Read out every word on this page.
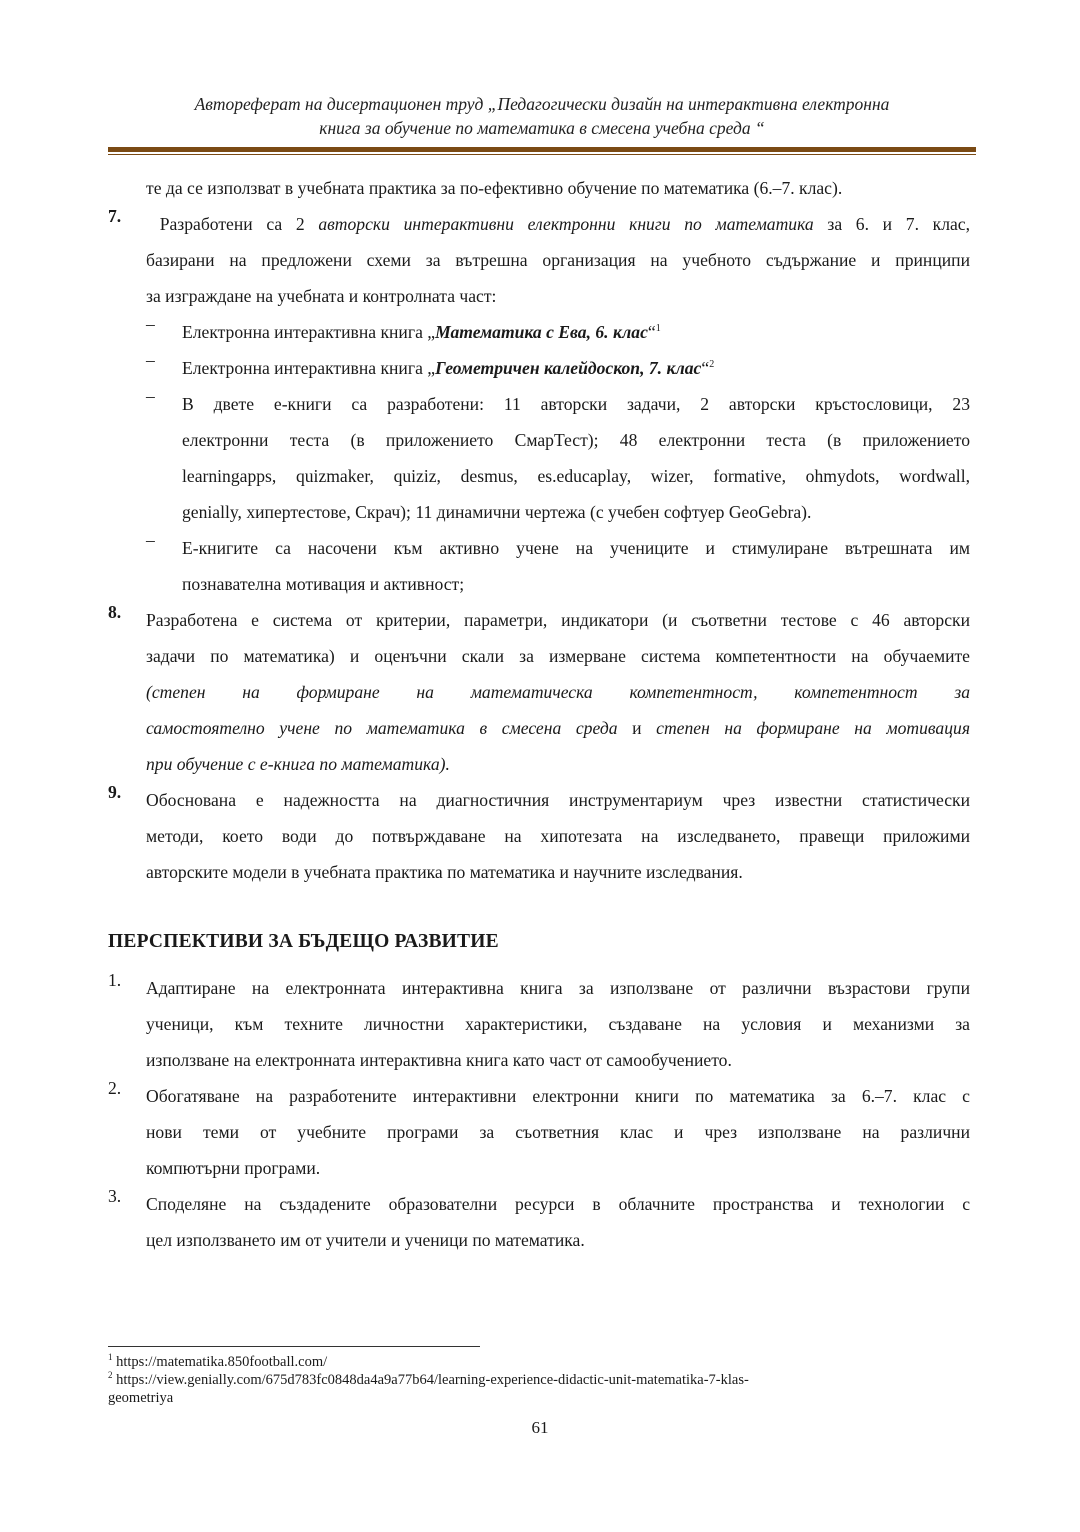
Автореферат на дисертационен труд „Педагогически дизайн на интерактивна електронна
книга за обучение по математика в смесена учебна среда “
те да се използват в учебната практика за по-ефективно обучение по математика (6.–7. клас).
7.	Разработени са 2 авторски интерактивни електронни книги по математика за 6. и 7. клас,
базирани на предложени схеми за вътрешна организация на учебното съдържание и принципи
за изграждане на учебната и контролната част:
–	Електронна интерактивна книга „Математика с Ева, 6. клас“$^1$
–	Електронна интерактивна книга „Геометричен калейдоскоп, 7. клас“$^2$
–	В двете е-книги са разработени: 11 авторски задачи, 2 авторски кръстословици, 23
електронни теста (в приложението СмарТест); 48 електронни теста (в приложението
learningapps, quizmaker, quiziz, desmus, es.educaplay, wizer, formative, ohmydots, wordwall,
genially, хипертестове, Скрач); 11 динамични чертежа (с учебен софтуер GeoGebra).
–	Е-книгите са насочени към активно учене на учениците и стимулиране вътрешната им
познавателна мотивация и активност;
8.	Разработена е система от критерии, параметри, индикатори (и съответни тестове с 46 авторски
задачи по математика) и оценъчни скали за измерване система компетентности на обучаемите
(степен на формиране на математическа компетентност, компетентност за
самостоятелно учене по математика в смесена среда и степен на формиране на мотивация
при обучение с е-книга по математика).
9.	Обоснована е надежността на диагностичния инструментариум чрез известни статистически
методи, което води до потвърждаване на хипотезата на изследването, правещи приложими
авторските модели в учебната практика по математика и научните изследвания.
ПЕРСПЕКТИВИ ЗА БЪДЕЩО РАЗВИТИЕ
1.	Адаптиране на електронната интерактивна книга за използване от различни възрастови групи
ученици, към техните личностни характеристики, създаване на условия и механизми за
използване на електронната интерактивна книга като част от самообучението.
2.	Обогатяване на разработените интерактивни електронни книги по математика за 6.–7. клас с
нови теми от учебните програми за съответния клас и чрез използване на различни
компютърни програми.
3.	Споделяне на създадените образователни ресурси в облачните пространства и технологии с
цел използването им от учители и ученици по математика.
$^1$ https://matematika.850football.com/
$^2$ https://view.genially.com/675d783fc0848da4a9a77b64/learning-experience-didactic-unit-matematika-7-klas-
geometriya
61
